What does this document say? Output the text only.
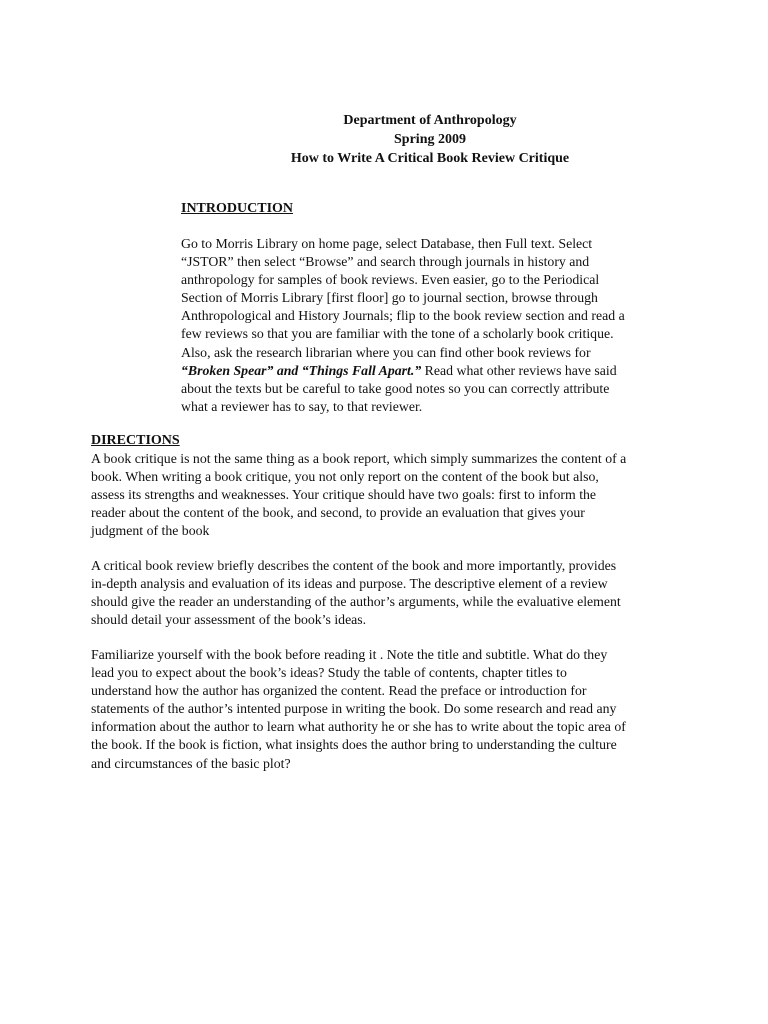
Department of Anthropology
Spring 2009
How to Write A Critical Book Review Critique
INTRODUCTION
Go to Morris Library on home page, select Database, then Full text. Select
“JSTOR” then select “Browse” and search through journals in history and
anthropology for samples of book reviews. Even easier, go to the Periodical
Section of Morris Library [first floor] go to journal section, browse through
Anthropological and History Journals; flip to the book review section and read a
few reviews so that you are familiar with the tone of a scholarly book critique.
Also, ask the research librarian where you can find other book reviews for
“Broken Spear” and “Things Fall Apart.” Read what other reviews have said
about the texts but be careful to take good notes so you can correctly attribute
what a reviewer has to say, to that reviewer.
DIRECTIONS
A book critique is not the same thing as a book report, which simply summarizes the content of a
book. When writing a book critique, you not only report on the content of the book but also,
assess its strengths and weaknesses. Your critique should have two goals: first to inform the
reader about the content of the book, and second, to provide an evaluation that gives your
judgment of the book
A critical book review briefly describes the content of the book and more importantly, provides
in-depth analysis and evaluation of its ideas and purpose. The descriptive element of a review
should give the reader an understanding of the author’s arguments, while the evaluative element
should detail your assessment of the book’s ideas.
Familiarize yourself with the book before reading it . Note the title and subtitle. What do they
lead you to expect about the book’s ideas? Study the table of contents, chapter titles to
understand how the author has organized the content. Read the preface or introduction for
statements of the author’s intented purpose in writing the book. Do some research and read any
information about the author to learn what authority he or she has to write about the topic area of
the book. If the book is fiction, what insights does the author bring to understanding the culture
and circumstances of the basic plot?
